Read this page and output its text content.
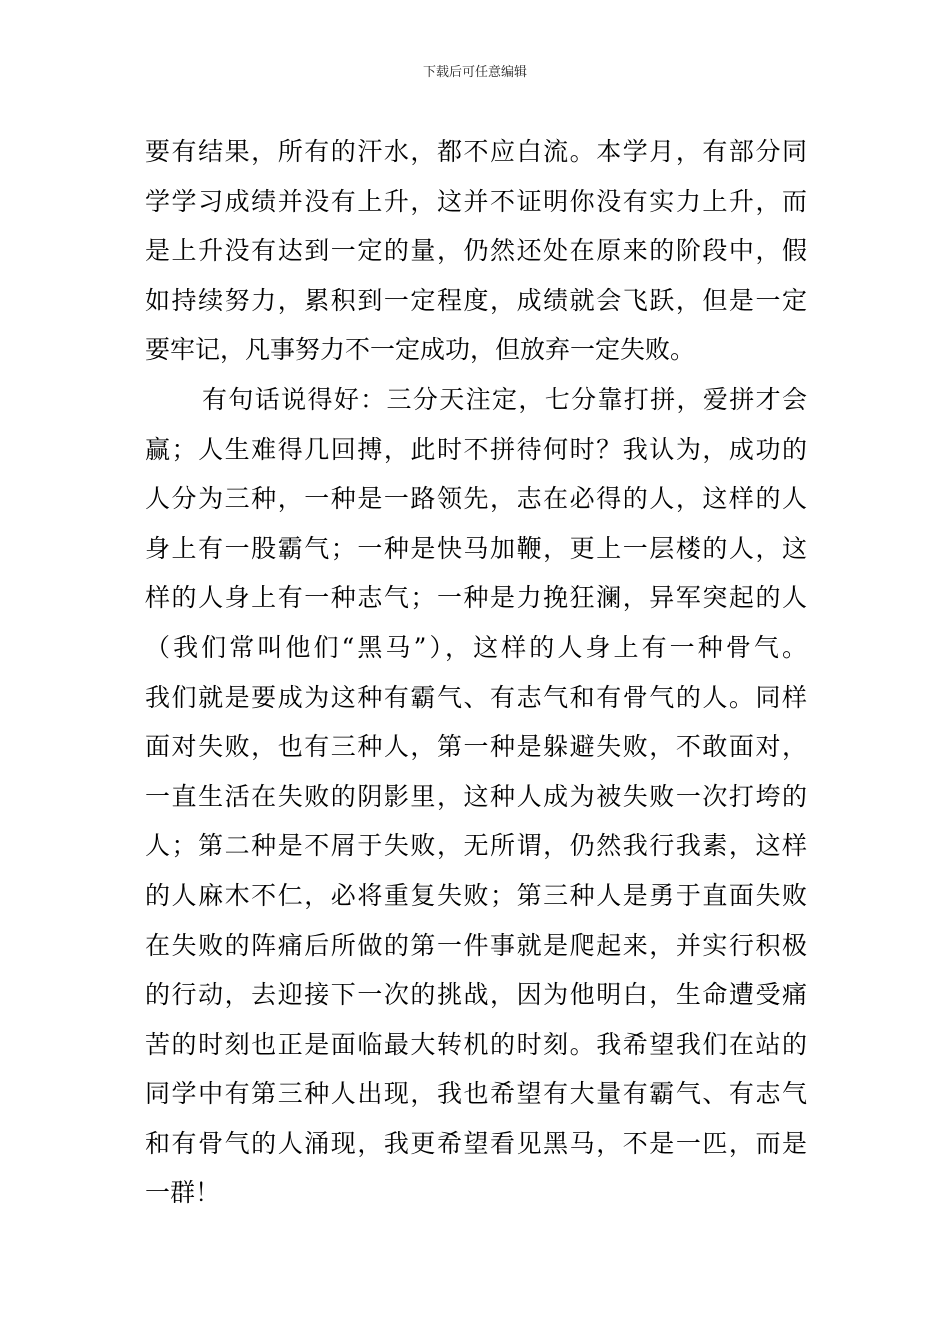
下载后可任意编辑
要有结果，所有的汗水，都不应白流。本学月，有部分同
学学习成绩并没有上升，这并不证明你没有实力上升，而
是上升没有达到一定的量，仍然还处在原来的阶段中，假
如持续努力，累积到一定程度，成绩就会飞跃，但是一定
要牢记，凡事努力不一定成功，但放弃一定失败。
有句话说得好：三分天注定，七分靠打拼，爱拼才会
赢；人生难得几回搏，此时不拼待何时？我认为，成功的
人分为三种，一种是一路领先，志在必得的人，这样的人
身上有一股霸气；一种是快马加鞭，更上一层楼的人，这
样的人身上有一种志气；一种是力挽狂澜，异军突起的人
（我们常叫他们“黑马”），这样的人身上有一种骨气。
我们就是要成为这种有霸气、有志气和有骨气的人。同样
面对失败，也有三种人，第一种是躲避失败，不敢面对，
一直生活在失败的阴影里，这种人成为被失败一次打垮的
人；第二种是不屑于失败，无所谓，仍然我行我素，这样
的人麻木不仁，必将重复失败；第三种人是勇于直面失败
在失败的阵痛后所做的第一件事就是爬起来，并实行积极
的行动，去迎接下一次的挑战，因为他明白，生命遭受痛
苦的时刻也正是面临最大转机的时刻。我希望我们在站的
同学中有第三种人出现，我也希望有大量有霸气、有志气
和有骨气的人涌现，我更希望看见黑马，不是一匹，而是
一群！
